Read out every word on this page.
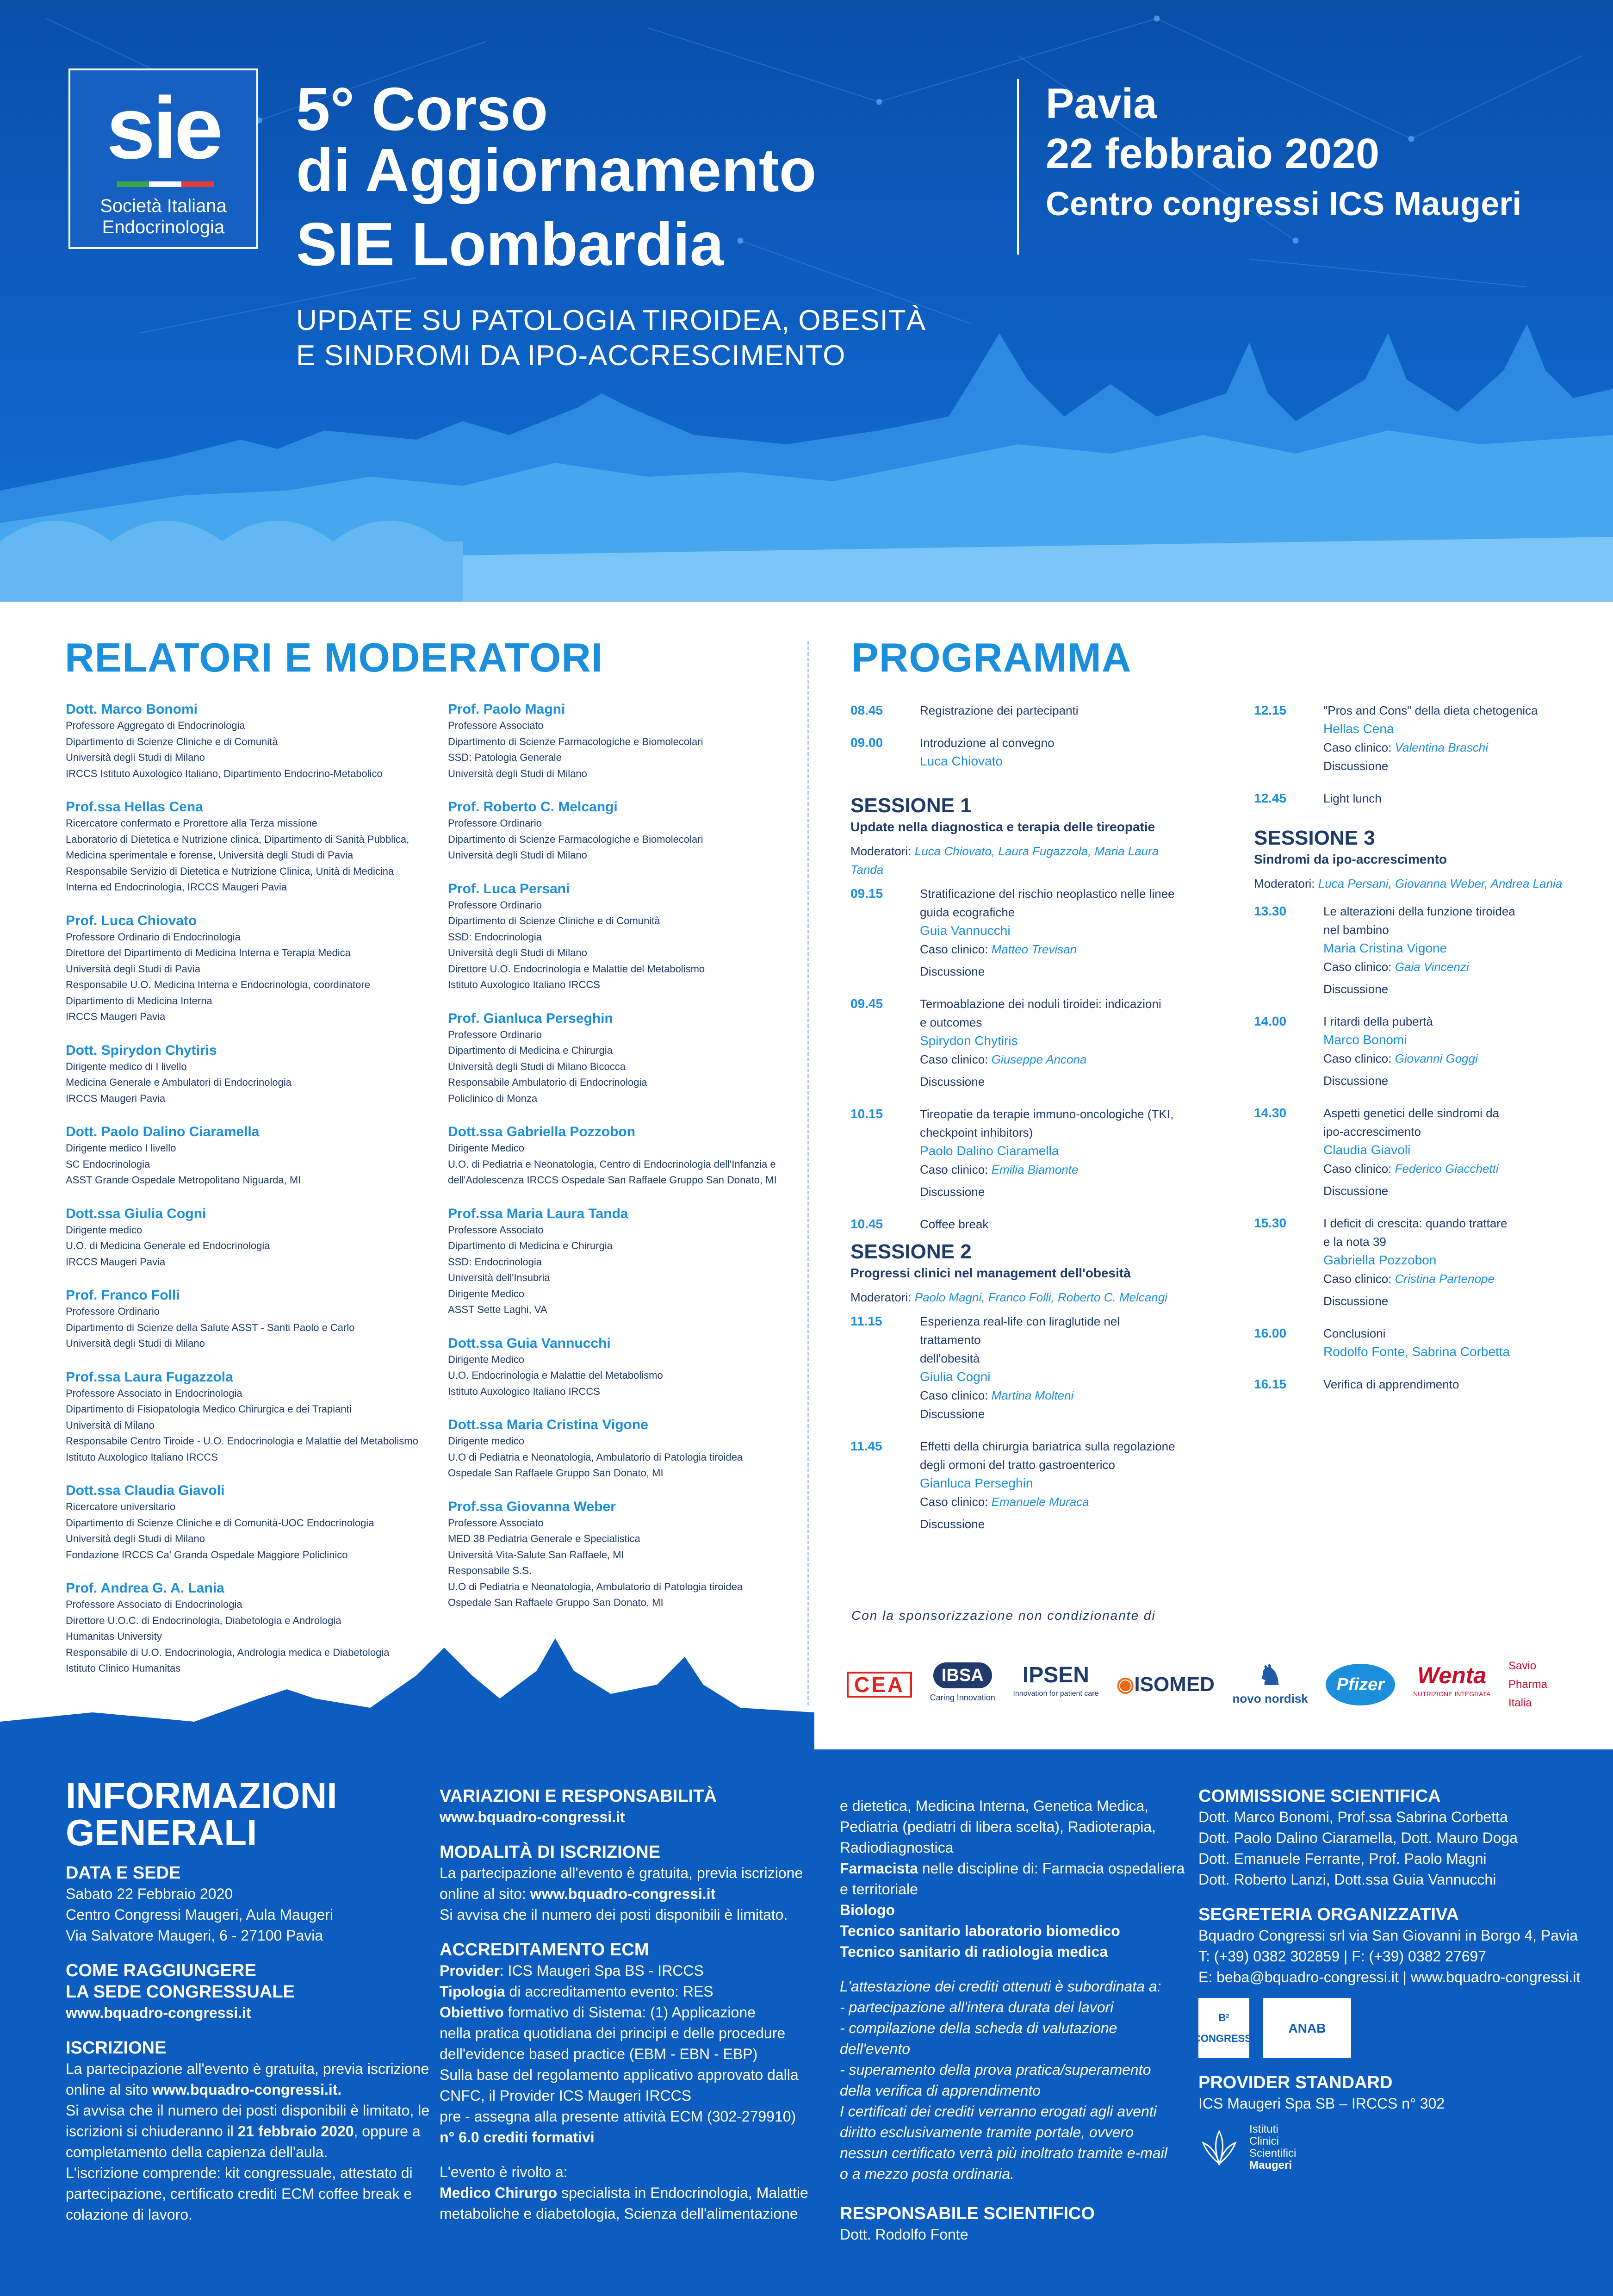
sie
Società Italiana
Endocrinologia
5° Corso
di Aggiornamento
SIE Lombardia
UPDATE SU PATOLOGIA TIROIDEA, OBESITÀ
E SINDROMI DA IPO-ACCRESCIMENTO
Pavia
22 febbraio 2020
Centro congressi ICS Maugeri
RELATORI E MODERATORI	PROGRAMMA
Dott. Marco Bonomi
Professore Aggregato di Endocrinologia
Dipartimento di Scienze Cliniche e di Comunità
Università degli Studi di Milano
IRCCS Istituto Auxologico Italiano, Dipartimento Endocrino-Metabolico
Prof.ssa Hellas Cena
Ricercatore confermato e Prorettore alla Terza missione
Laboratorio di Dietetica e Nutrizione clinica, Dipartimento di Sanità Pubblica,
Medicina sperimentale e forense, Università degli Studi di Pavia
Responsabile Servizio di Dietetica e Nutrizione Clinica, Unità di Medicina
Interna ed Endocrinologia, IRCCS Maugeri Pavia
Prof. Luca Chiovato
Professore Ordinario di Endocrinologia
Direttore del Dipartimento di Medicina Interna e Terapia Medica
Università degli Studi di Pavia
Responsabile U.O. Medicina Interna e Endocrinologia, coordinatore
Dipartimento di Medicina Interna
IRCCS Maugeri Pavia
Dott. Spirydon Chytiris
Dirigente medico di I livello
Medicina Generale e Ambulatori di Endocrinologia
IRCCS Maugeri Pavia
Dott. Paolo Dalino Ciaramella
Dirigente medico I livello
SC Endocrinologia
ASST Grande Ospedale Metropolitano Niguarda, MI
Dott.ssa Giulia Cogni
Dirigente medico
U.O. di Medicina Generale ed Endocrinologia
IRCCS Maugeri Pavia
Prof. Franco Folli
Professore Ordinario
Dipartimento di Scienze della Salute ASST - Santi Paolo e Carlo
Università degli Studi di Milano
Prof.ssa Laura Fugazzola
Professore Associato in Endocrinologia
Dipartimento di Fisiopatologia Medico Chirurgica e dei Trapianti
Università di Milano
Responsabile Centro Tiroide - U.O. Endocrinologia e Malattie del Metabolismo
Istituto Auxologico Italiano IRCCS
Dott.ssa Claudia Giavoli
Ricercatore universitario
Dipartimento di Scienze Cliniche e di Comunità-UOC Endocrinologia
Università degli Studi di Milano
Fondazione IRCCS Ca' Granda Ospedale Maggiore Policlinico
Prof. Andrea G. A. Lania
Professore Associato di Endocrinologia
Direttore U.O.C. di Endocrinologia, Diabetologia e Andrologia
Humanitas University
Responsabile di U.O. Endocrinologia, Andrologia medica e Diabetologia
Istituto Clinico Humanitas
Prof. Paolo Magni
Professore Associato
Dipartimento di Scienze Farmacologiche e Biomolecolari
SSD: Patologia Generale
Università degli Studi di Milano
Prof. Roberto C. Melcangi
Professore Ordinario
Dipartimento di Scienze Farmacologiche e Biomolecolari
Università degli Studi di Milano
Prof. Luca Persani
Professore Ordinario
Dipartimento di Scienze Cliniche e di Comunità
SSD: Endocrinologia
Università degli Studi di Milano
Direttore U.O. Endocrinologia e Malattie del Metabolismo
Istituto Auxologico Italiano IRCCS
Prof. Gianluca Perseghin
Professore Ordinario
Dipartimento di Medicina e Chirurgia
Università degli Studi di Milano Bicocca
Responsabile Ambulatorio di Endocrinologia
Policlinico di Monza
Dott.ssa Gabriella Pozzobon
Dirigente Medico
U.O. di Pediatria e Neonatologia, Centro di Endocrinologia dell'Infanzia e
dell'Adolescenza IRCCS Ospedale San Raffaele Gruppo San Donato, MI
Prof.ssa Maria Laura Tanda
Professore Associato
Dipartimento di Medicina e Chirurgia
SSD: Endocrinologia
Università dell'Insubria
Dirigente Medico
ASST Sette Laghi, VA
Dott.ssa Guia Vannucchi
Dirigente Medico
U.O. Endocrinologia e Malattie del Metabolismo
Istituto Auxologico Italiano IRCCS
Dott.ssa Maria Cristina Vigone
Dirigente medico
U.O di Pediatria e Neonatologia, Ambulatorio di Patologia tiroidea
Ospedale San Raffaele Gruppo San Donato, MI
Prof.ssa Giovanna Weber
Professore Associato
MED 38 Pediatria Generale e Specialistica
Università Vita-Salute San Raffaele, MI
Responsabile S.S.
U.O di Pediatria e Neonatologia, Ambulatorio di Patologia tiroidea
Ospedale San Raffaele Gruppo San Donato, MI
08.45	Registrazione dei partecipanti
09.00	Introduzione al convegno
Luca Chiovato
SESSIONE 1
Update nella diagnostica e terapia delle tireopatie
Moderatori: Luca Chiovato, Laura Fugazzola, Maria Laura Tanda
09.15	Stratificazione del rischio neoplastico nelle linee
guida ecografiche
Guia Vannucchi
Caso clinico: Matteo Trevisan
Discussione
09.45	Termoablazione dei noduli tiroidei: indicazioni
e outcomes
Spirydon Chytiris
Caso clinico: Giuseppe Ancona
Discussione
10.15	Tireopatie da terapie immuno-oncologiche (TKI,
checkpoint inhibitors)
Paolo Dalino Ciaramella
Caso clinico: Emilia Biamonte
Discussione
10.45	Coffee break
SESSIONE 2
Progressi clinici nel management dell'obesità
Moderatori: Paolo Magni, Franco Folli, Roberto C. Melcangi
11.15	Esperienza real-life con liraglutide nel trattamento
dell'obesità
Giulia Cogni
Caso clinico: Martina Molteni
Discussione
11.45	Effetti della chirurgia bariatrica sulla regolazione
degli ormoni del tratto gastroenterico
Gianluca Perseghin
Caso clinico: Emanuele Muraca
Discussione
12.15	"Pros and Cons" della dieta chetogenica
Hellas Cena
Caso clinico: Valentina Braschi
Discussione
12.45	Light lunch
SESSIONE 3
Sindromi da ipo-accrescimento
Moderatori: Luca Persani, Giovanna Weber, Andrea Lania
13.30	Le alterazioni della funzione tiroidea
nel bambino
Maria Cristina Vigone
Caso clinico: Gaia Vincenzi
Discussione
14.00	I ritardi della pubertà
Marco Bonomi
Caso clinico: Giovanni Goggi
Discussione
14.30	Aspetti genetici delle sindromi da
ipo-accrescimento
Claudia Giavoli
Caso clinico: Federico Giacchetti
Discussione
15.30	I deficit di crescita: quando trattare
e la nota 39
Gabriella Pozzobon
Caso clinico: Cristina Partenope
Discussione
16.00	Conclusioni
Rodolfo Fonte, Sabrina Corbetta
16.15	Verifica di apprendimento
Con la sponsorizzazione non condizionante di
CEA	IBSA
Caring Innovation
IPSEN
Innovation for patient care ◉ISOMED	♞
novo nordisk
Pfizer Wenta
NUTRIZIONE INTEGRATA
Savio Pharma Italia
INFORMAZIONI
GENERALI
DATA E SEDE
Sabato 22 Febbraio 2020
Centro Congressi Maugeri, Aula Maugeri
Via Salvatore Maugeri, 6 - 27100 Pavia
COME RAGGIUNGERE
LA SEDE CONGRESSUALE
www.bquadro-congressi.it
ISCRIZIONE
La partecipazione all'evento è gratuita, previa iscrizione
online al sito www.bquadro-congressi.it.
Si avvisa che il numero dei posti disponibili è limitato, le
iscrizioni si chiuderanno il 21 febbraio 2020, oppure a
completamento della capienza dell'aula.
L'iscrizione comprende: kit congressuale, attestato di
partecipazione, certificato crediti ECM coffee break e
colazione di lavoro.
VARIAZIONI E RESPONSABILITÀ
www.bquadro-congressi.it
MODALITÀ DI ISCRIZIONE
La partecipazione all'evento è gratuita, previa iscrizione
online al sito: www.bquadro-congressi.it
Si avvisa che il numero dei posti disponibili è limitato.
ACCREDITAMENTO ECM
Provider: ICS Maugeri Spa BS - IRCCS
Tipologia di accreditamento evento: RES
Obiettivo formativo di Sistema: (1) Applicazione
nella pratica quotidiana dei principi e delle procedure
dell'evidence based practice (EBM - EBN - EBP)
Sulla base del regolamento applicativo approvato dalla
CNFC, il Provider ICS Maugeri IRCCS
pre - assegna alla presente attività ECM (302-279910)
n° 6.0 crediti formativi
L'evento è rivolto a:
Medico Chirurgo specialista in Endocrinologia, Malattie
metaboliche e diabetologia, Scienza dell'alimentazione
e dietetica, Medicina Interna, Genetica Medica,
Pediatria (pediatri di libera scelta), Radioterapia,
Radiodiagnostica
Farmacista nelle discipline di: Farmacia ospedaliera
e territoriale
Biologo
Tecnico sanitario laboratorio biomedico
Tecnico sanitario di radiologia medica
L'attestazione dei crediti ottenuti è subordinata a:
- partecipazione all'intera durata dei lavori
- compilazione della scheda di valutazione
dell'evento
- superamento della prova pratica/superamento
della verifica di apprendimento
I certificati dei crediti verranno erogati agli aventi
diritto esclusivamente tramite portale, ovvero
nessun certificato verrà più inoltrato tramite e-mail
o a mezzo posta ordinaria.
RESPONSABILE SCIENTIFICO
Dott. Rodolfo Fonte
COMMISSIONE SCIENTIFICA
Dott. Marco Bonomi, Prof.ssa Sabrina Corbetta
Dott. Paolo Dalino Ciaramella, Dott. Mauro Doga
Dott. Emanuele Ferrante, Prof. Paolo Magni
Dott. Roberto Lanzi, Dott.ssa Guia Vannucchi
SEGRETERIA ORGANIZZATIVA
Bquadro Congressi srl via San Giovanni in Borgo 4, Pavia
T: (+39) 0382 302859 | F: (+39) 0382 27697
E: beba@bquadro-congressi.it | www.bquadro-congressi.it
B² CONGRESSI
ANAB
PROVIDER STANDARD
ICS Maugeri Spa SB – IRCCS n° 302
Istituti
Clinici
Scientifici
Maugeri
